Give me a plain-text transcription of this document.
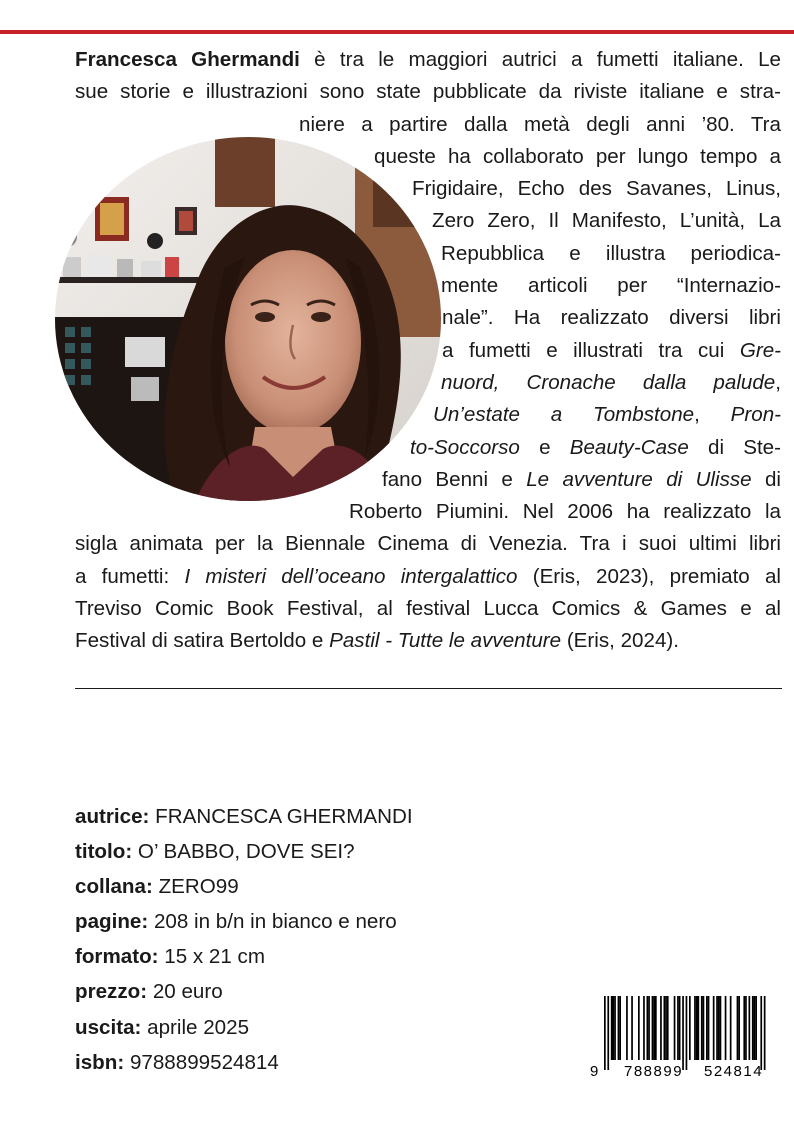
Francesca Ghermandi è tra le maggiori autrici a fumetti italiane. Le
sue storie e illustrazioni sono state pubblicate da riviste italiane e stra-
niere a partire dalla metà degli anni ’80. Tra
queste ha collaborato per lungo tempo a
Frigidaire, Echo des Savanes, Linus,
Zero Zero, Il Manifesto, L’unità, La
Repubblica e illustra periodica-
mente articoli per “Internazio-
nale”. Ha realizzato diversi libri
a fumetti e illustrati tra cui Gre-
nuord, Cronache dalla palude,
Un’estate a Tombstone, Pron-
to-Soccorso e Beauty-Case di Ste-
fano Benni e Le avventure di Ulisse di
Roberto Piumini. Nel 2006 ha realizzato la
sigla animata per la Biennale Cinema di Venezia. Tra i suoi ultimi libri
a fumetti: I misteri dell’oceano intergalattico (Eris, 2023), premiato al
Treviso Comic Book Festival, al festival Lucca Comics & Games e al
Festival di satira Bertoldo e Pastil - Tutte le avventure (Eris, 2024).
autrice: FRANCESCA GHERMANDI
titolo: O’ BABBO, DOVE SEI?
collana: ZERO99
pagine: 208 in b/n in bianco e nero
formato: 15 x 21 cm
prezzo: 20 euro
uscita: aprile 2025
isbn: 9788899524814	9 788899 524814
